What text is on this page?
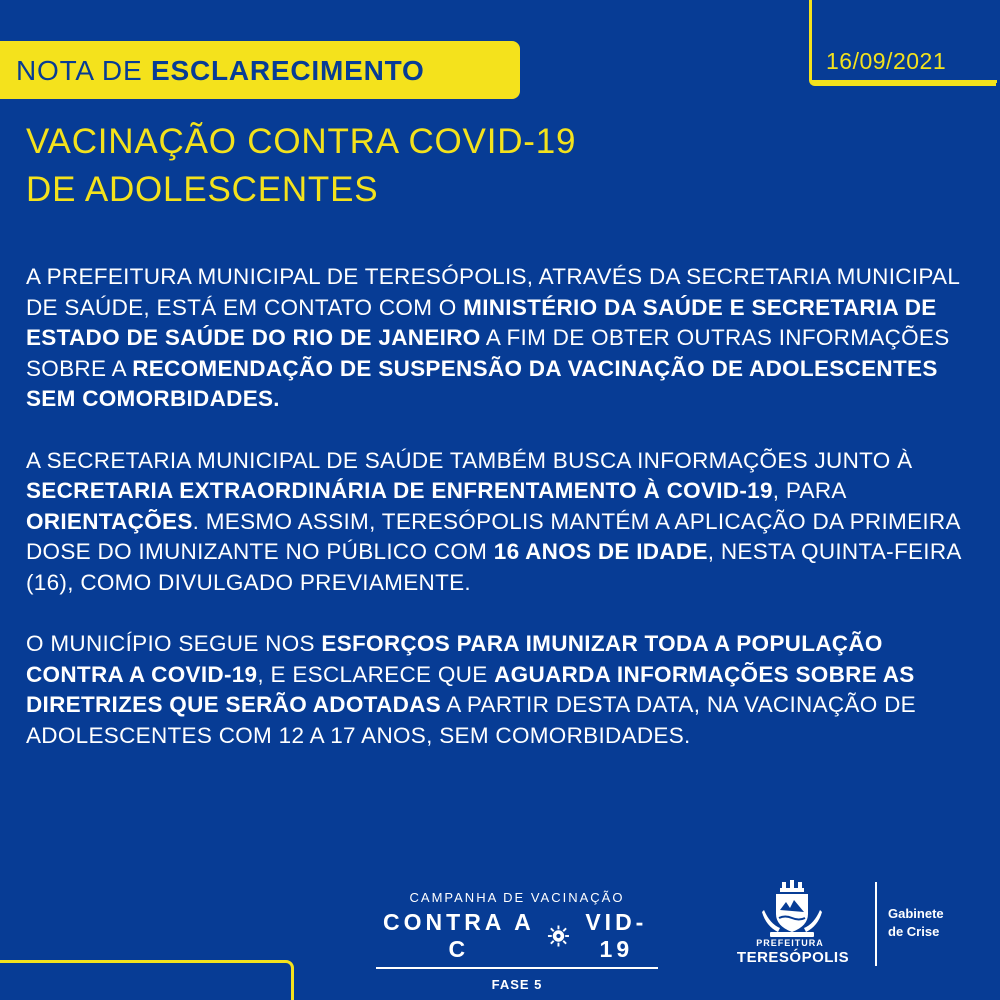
16/09/2021
NOTA DE ESCLARECIMENTO
VACINAÇÃO CONTRA COVID-19
DE ADOLESCENTES

A PREFEITURA MUNICIPAL DE TERESÓPOLIS, ATRAVÉS DA SECRETARIA MUNICIPAL DE SAÚDE, ESTÁ EM CONTATO COM O MINISTÉRIO DA SAÚDE E SECRETARIA DE ESTADO DE SAÚDE DO RIO DE JANEIRO A FIM DE OBTER OUTRAS INFORMAÇÕES SOBRE A RECOMENDAÇÃO DE SUSPENSÃO DA VACINAÇÃO DE ADOLESCENTES SEM COMORBIDADES.

A SECRETARIA MUNICIPAL DE SAÚDE TAMBÉM BUSCA INFORMAÇÕES JUNTO À SECRETARIA EXTRAORDINÁRIA DE ENFRENTAMENTO À COVID-19, PARA ORIENTAÇÕES. MESMO ASSIM, TERESÓPOLIS MANTÉM A APLICAÇÃO DA PRIMEIRA DOSE DO IMUNIZANTE NO PÚBLICO COM 16 ANOS DE IDADE, NESTA QUINTA-FEIRA (16), COMO DIVULGADO PREVIAMENTE.

O MUNICÍPIO SEGUE NOS ESFORÇOS PARA IMUNIZAR TODA A POPULAÇÃO CONTRA A COVID-19, E ESCLARECE QUE AGUARDA INFORMAÇÕES SOBRE AS DIRETRIZES QUE SERÃO ADOTADAS A PARTIR DESTA DATA, NA VACINAÇÃO DE ADOLESCENTES COM 12 A 17 ANOS, SEM COMORBIDADES.

CAMPANHA DE VACINAÇÃO
CONTRA A C
VID-19
FASE 5
PREFEITURA
TERESÓPOLIS
Gabinete
de Crise
